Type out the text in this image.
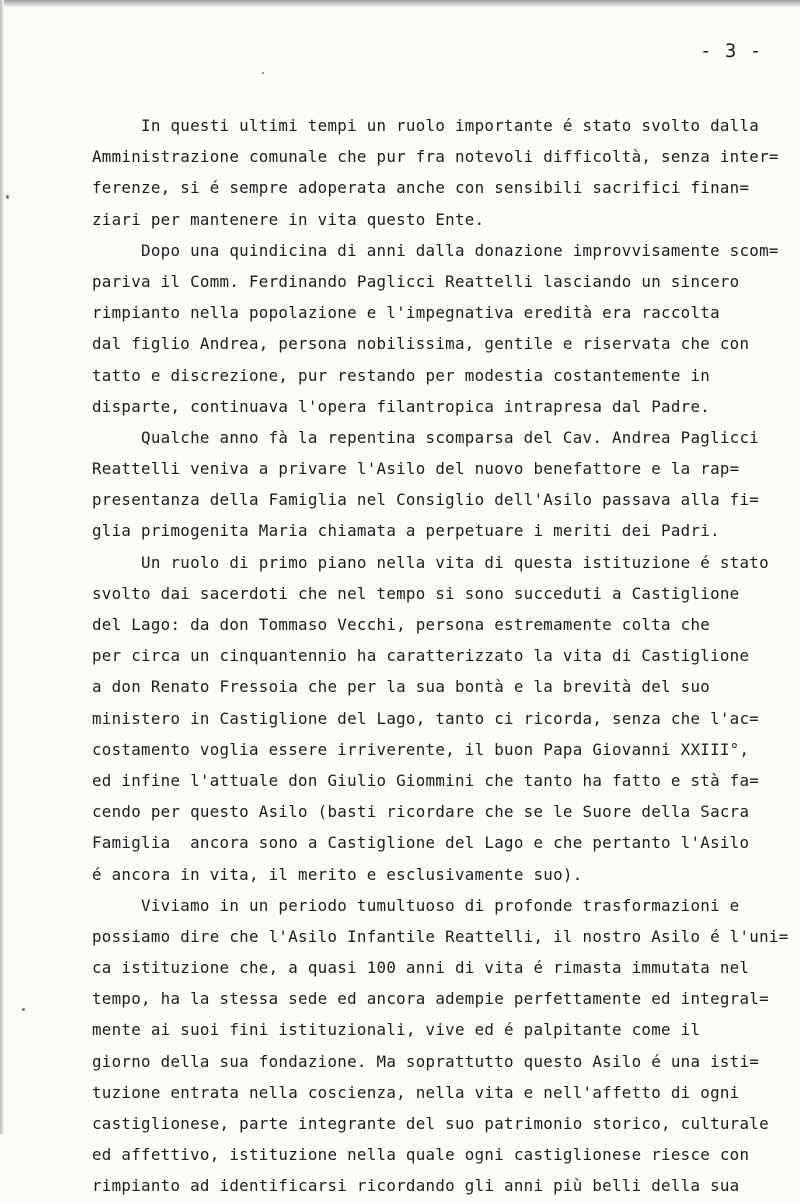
- 3 -
In questi ultimi tempi un ruolo importante é stato svolto dalla
Amministrazione comunale che pur fra notevoli difficoltà, senza inter=
ferenze, si é sempre adoperata anche con sensibili sacrifici finan=
ziari per mantenere in vita questo Ente.
Dopo una quindicina di anni dalla donazione improvvisamente scom=
pariva il Comm. Ferdinando Paglicci Reattelli lasciando un sincero
rimpianto nella popolazione e l'impegnativa eredità era raccolta
dal figlio Andrea, persona nobilissima, gentile e riservata che con
tatto e discrezione, pur restando per modestia costantemente in
disparte, continuava l'opera filantropica intrapresa dal Padre.
Qualche anno fà la repentina scomparsa del Cav. Andrea Paglicci
Reattelli veniva a privare l'Asilo del nuovo benefattore e la rap=
presentanza della Famiglia nel Consiglio dell'Asilo passava alla fi=
glia primogenita Maria chiamata a perpetuare i meriti dei Padri.
Un ruolo di primo piano nella vita di questa istituzione é stato
svolto dai sacerdoti che nel tempo si sono succeduti a Castiglione
del Lago: da don Tommaso Vecchi, persona estremamente colta che
per circa un cinquantennio ha caratterizzato la vita di Castiglione
a don Renato Fressoia che per la sua bontà e la brevità del suo
ministero in Castiglione del Lago, tanto ci ricorda, senza che l'ac=
costamento voglia essere irriverente, il buon Papa Giovanni XXIII°,
ed infine l'attuale don Giulio Giommini che tanto ha fatto e stà fa=
cendo per questo Asilo (basti ricordare che se le Suore della Sacra
Famiglia  ancora sono a Castiglione del Lago e che pertanto l'Asilo
é ancora in vita, il merito e esclusivamente suo).
Viviamo in un periodo tumultuoso di profonde trasformazioni e
possiamo dire che l'Asilo Infantile Reattelli, il nostro Asilo é l'uni=
ca istituzione che, a quasi 100 anni di vita é rimasta immutata nel
tempo, ha la stessa sede ed ancora adempie perfettamente ed integral=
mente ai suoi fini istituzionali, vive ed é palpitante come il
giorno della sua fondazione. Ma soprattutto questo Asilo é una isti=
tuzione entrata nella coscienza, nella vita e nell'affetto di ogni
castiglionese, parte integrante del suo patrimonio storico, culturale
ed affettivo, istituzione nella quale ogni castiglionese riesce con
rimpianto ad identificarsi ricordando gli anni più belli della sua
